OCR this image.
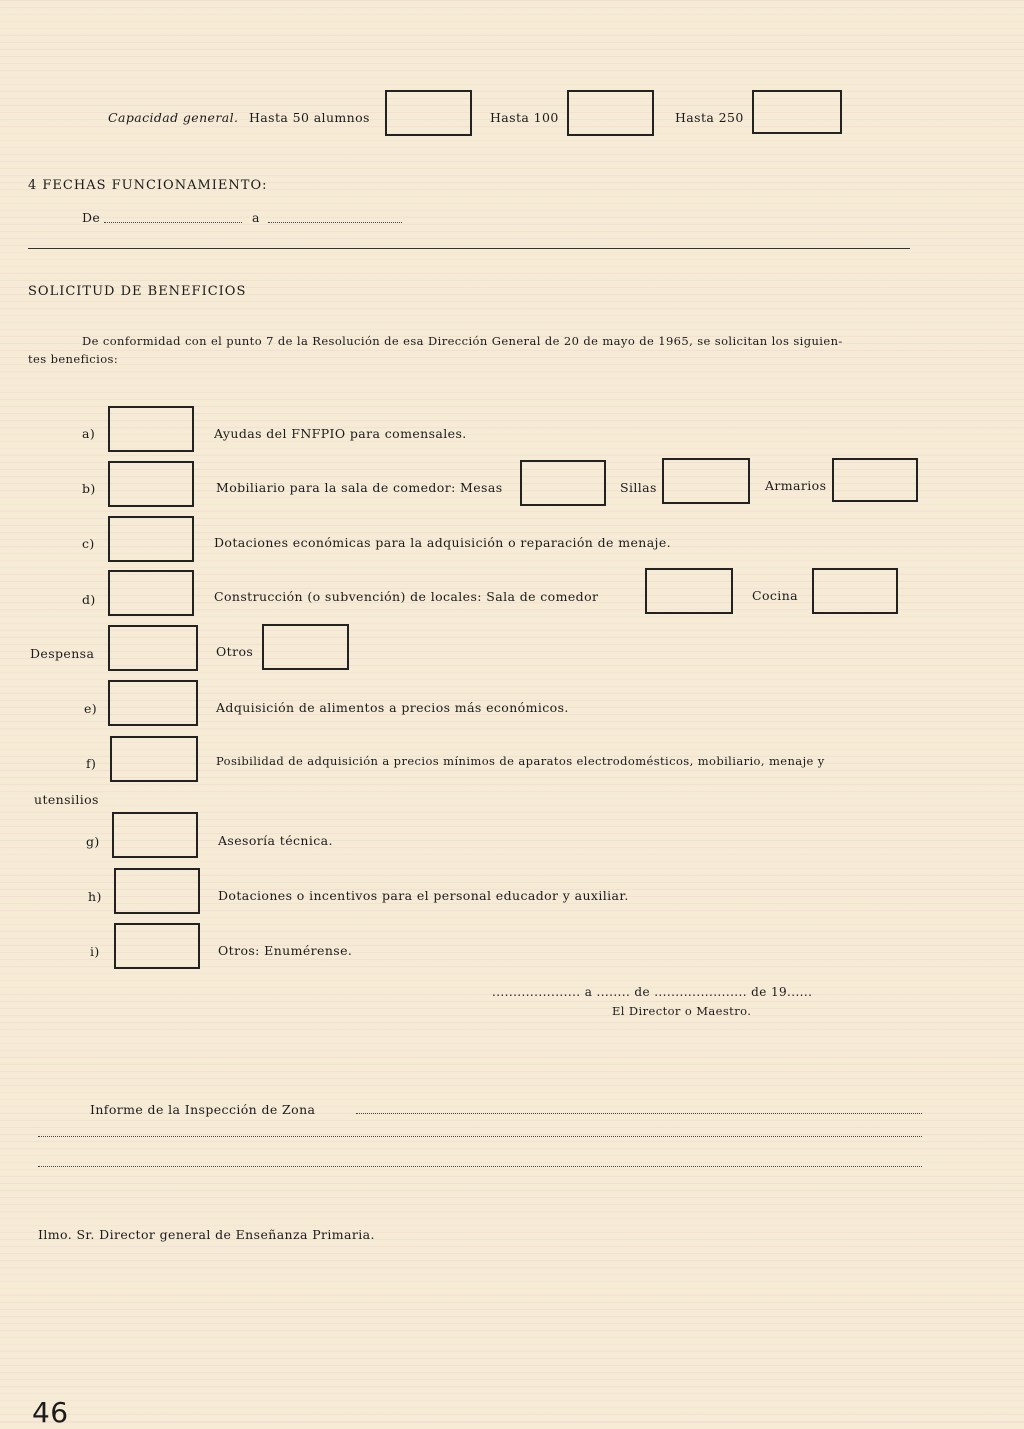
Capacidad general. Hasta 50 alumnos	Hasta 100	Hasta 250
4 FECHAS FUNCIONAMIENTO:
De	a
SOLICITUD DE BENEFICIOS
De conformidad con el punto 7 de la Resolución de esa Dirección General de 20 de mayo de 1965, se solicitan los siguien-
tes beneficios:
a)	Ayudas del FNFPIO para comensales.
b)	Mobiliario para la sala de comedor: Mesas	Sillas	Armarios
c)	Dotaciones económicas para la adquisición o reparación de menaje.
d)	Construcción (o subvención) de locales: Sala de comedor	Cocina
Despensa	Otros
e)	Adquisición de alimentos a precios más económicos.
f)	Posibilidad de adquisición a precios mínimos de aparatos electrodomésticos, mobiliario, menaje y
utensilios
g)	Asesoría técnica.
h)	Dotaciones o incentivos para el personal educador y auxiliar.
i)	Otros: Enumérense.
..................... a ........ de ...................... de 19......
El Director o Maestro.
Informe de la Inspección de Zona
Ilmo. Sr. Director general de Enseñanza Primaria.
46
